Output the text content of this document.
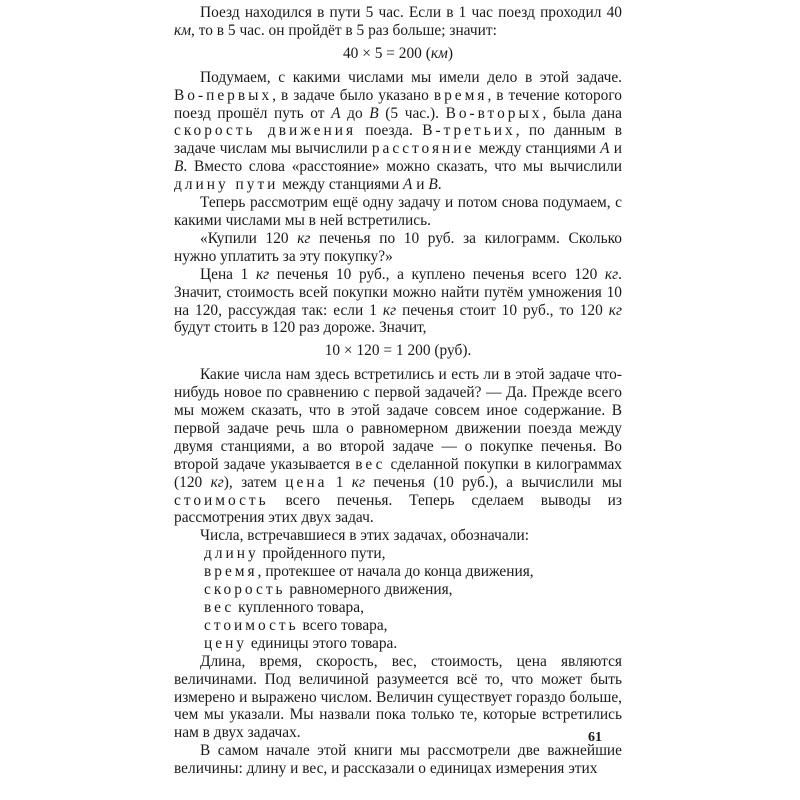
Поезд находился в пути 5 час. Если в 1 час поезд проходил 40 км, то в 5 час. он пройдёт в 5 раз больше; значит:

40 × 5 = 200 (км)

Подумаем, с какими числами мы имели дело в этой задаче. Во-первых, в задаче было указано время, в течение которого поезд прошёл путь от A до B (5 час.). Во-вторых, была дана скорость движения поезда. В-третьих, по данным в задаче числам мы вычислили расстояние между станциями A и B. Вместо слова «расстояние» можно сказать, что мы вычислили длину пути между станциями A и B.

Теперь рассмотрим ещё одну задачу и потом снова подумаем, с какими числами мы в ней встретились.

«Купили 120 кг печенья по 10 руб. за килограмм. Сколько нужно уплатить за эту покупку?»

Цена 1 кг печенья 10 руб., а куплено печенья всего 120 кг. Значит, стоимость всей покупки можно найти путём умножения 10 на 120, рассуждая так: если 1 кг печенья стоит 10 руб., то 120 кг будут стоить в 120 раз дороже. Значит,

10 × 120 = 1 200 (руб).

Какие числа нам здесь встретились и есть ли в этой задаче что-нибудь новое по сравнению с первой задачей? — Да. Прежде всего мы можем сказать, что в этой задаче совсем иное содержание. В первой задаче речь шла о равномерном движении поезда между двумя станциями, а во второй задаче — о покупке печенья. Во второй задаче указывается вес сделанной покупки в килограммах (120 кг), затем цена 1 кг печенья (10 руб.), а вычислили мы стоимость всего печенья. Теперь сделаем выводы из рассмотрения этих двух задач.

Числа, встречавшиеся в этих задачах, обозначали:

длину пройденного пути,

время, протекшее от начала до конца движения,

скорость равномерного движения,

вес купленного товара,

стоимость всего товара,

цену единицы этого товара.

Длина, время, скорость, вес, стоимость, цена являются величинами. Под величиной разумеется всё то, что может быть измерено и выражено числом. Величин существует гораздо больше, чем мы указали. Мы назвали пока только те, которые встретились нам в двух задачах.

В самом начале этой книги мы рассмотрели две важнейшие величины: длину и вес, и рассказали о единицах измерения этих

61
